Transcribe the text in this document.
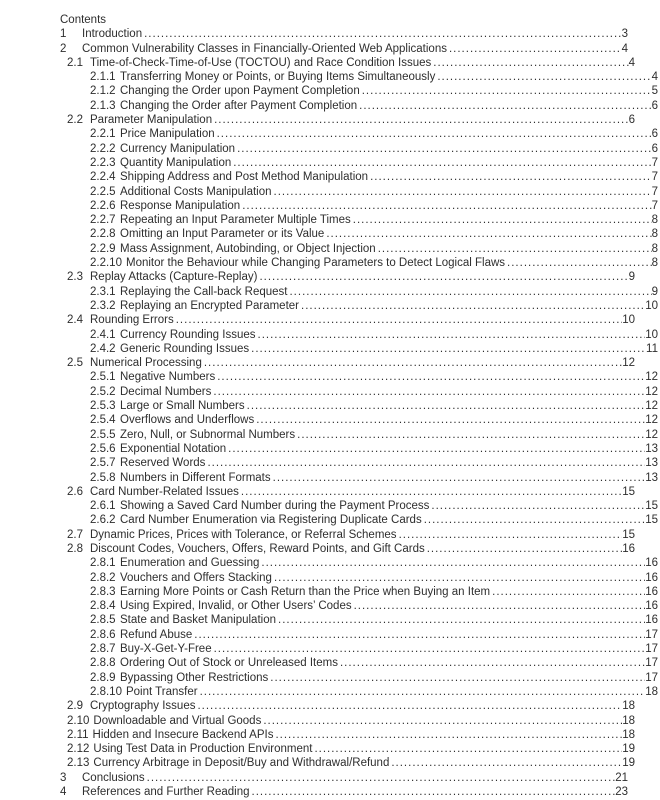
Contents
1	Introduction .....	3
2	Common Vulnerability Classes in Financially-Oriented Web Applications .....	4
2.1 Time-of-Check-Time-of-Use (TOCTOU) and Race Condition Issues .....	4
2.1.1 Transferring Money or Points, or Buying Items Simultaneously .....	4
2.1.2 Changing the Order upon Payment Completion .....	5
2.1.3 Changing the Order after Payment Completion .....	6
2.2 Parameter Manipulation .....	6
2.2.1 Price Manipulation .....	6
2.2.2 Currency Manipulation .....	6
2.2.3 Quantity Manipulation .....	7
2.2.4 Shipping Address and Post Method Manipulation .....	7
2.2.5 Additional Costs Manipulation .....	7
2.2.6 Response Manipulation .....	7
2.2.7 Repeating an Input Parameter Multiple Times .....	8
2.2.8 Omitting an Input Parameter or its Value .....	8
2.2.9 Mass Assignment, Autobinding, or Object Injection .....	8
2.2.10 Monitor the Behaviour while Changing Parameters to Detect Logical Flaws .....	8
2.3 Replay Attacks (Capture-Replay) .....	9
2.3.1 Replaying the Call-back Request .....	9
2.3.2 Replaying an Encrypted Parameter .....	10
2.4 Rounding Errors .....	10
2.4.1 Currency Rounding Issues .....	10
2.4.2 Generic Rounding Issues .....	11
2.5 Numerical Processing .....	12
2.5.1 Negative Numbers .....	12
2.5.2 Decimal Numbers .....	12
2.5.3 Large or Small Numbers .....	12
2.5.4 Overflows and Underflows .....	12
2.5.5 Zero, Null, or Subnormal Numbers .....	12
2.5.6 Exponential Notation .....	13
2.5.7 Reserved Words .....	13
2.5.8 Numbers in Different Formats .....	13
2.6 Card Number-Related Issues .....	15
2.6.1 Showing a Saved Card Number during the Payment Process .....	15
2.6.2 Card Number Enumeration via Registering Duplicate Cards .....	15
2.7 Dynamic Prices, Prices with Tolerance, or Referral Schemes .....	15
2.8 Discount Codes, Vouchers, Offers, Reward Points, and Gift Cards .....	16
2.8.1 Enumeration and Guessing .....	16
2.8.2 Vouchers and Offers Stacking .....	16
2.8.3 Earning More Points or Cash Return than the Price when Buying an Item .....	16
2.8.4 Using Expired, Invalid, or Other Users’ Codes .....	16
2.8.5 State and Basket Manipulation .....	16
2.8.6 Refund Abuse .....	17
2.8.7 Buy-X-Get-Y-Free .....	17
2.8.8 Ordering Out of Stock or Unreleased Items .....	17
2.8.9 Bypassing Other Restrictions .....	17
2.8.10 Point Transfer .....	18
2.9 Cryptography Issues .....	18
2.10 Downloadable and Virtual Goods .....	18
2.11 Hidden and Insecure Backend APIs .....	18
2.12 Using Test Data in Production Environment .....	19
2.13 Currency Arbitrage in Deposit/Buy and Withdrawal/Refund .....	19
3	Conclusions .....	21
4	References and Further Reading .....	23
